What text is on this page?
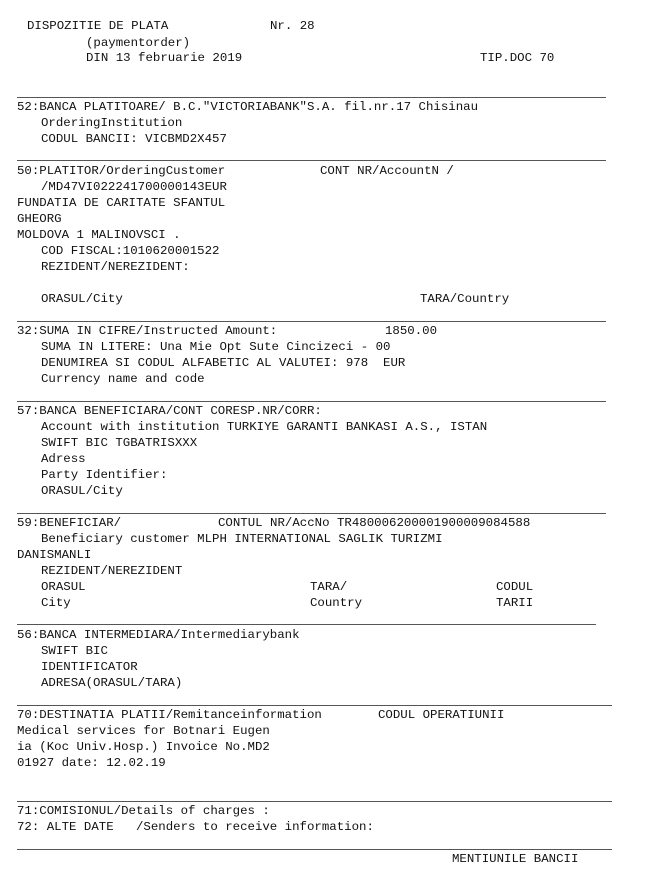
DISPOZITIE DE PLATA	Nr. 28
(paymentorder)
DIN 13 februarie 2019	TIP.DOC 70
52:BANCA PLATITOARE/ B.C."VICTORIABANK"S.A. fil.nr.17 Chisinau
OrderingInstitution
CODUL BANCII: VICBMD2X457
50:PLATITOR/OrderingCustomer	CONT NR/AccountN /
/MD47VI022241700000143EUR
FUNDATIA DE CARITATE SFANTUL
GHEORG
MOLDOVA 1 MALINOVSCI .
COD FISCAL:1010620001522
REZIDENT/NEREZIDENT:
ORASUL/City	TARA/Country
32:SUMA IN CIFRE/Instructed Amount:	1850.00
SUMA IN LITERE: Una Mie Opt Sute Cincizeci - 00
DENUMIREA SI CODUL ALFABETIC AL VALUTEI: 978  EUR
Currency name and code
57:BANCA BENEFICIARA/CONT CORESP.NR/CORR:
Account with institution TURKIYE GARANTI BANKASI A.S., ISTAN
SWIFT BIC TGBATRISXXX
Adress
Party Identifier:
ORASUL/City
59:BENEFICIAR/	CONTUL NR/AccNo TR480006200001900009084588
Beneficiary customer MLPH INTERNATIONAL SAGLIK TURIZMI
DANISMANLI
REZIDENT/NEREZIDENT
ORASUL	TARA/	CODUL
City	Country	TARII
56:BANCA INTERMEDIARA/Intermediarybank
SWIFT BIC
IDENTIFICATOR
ADRESA(ORASUL/TARA)
70:DESTINATIA PLATII/Remitanceinformation	CODUL OPERATIUNII
Medical services for Botnari Eugen
ia (Koc Univ.Hosp.) Invoice No.MD2
01927 date: 12.02.19
71:COMISIONUL/Details of charges :
72: ALTE DATE   /Senders to receive information:
MENTIUNILE BANCII
